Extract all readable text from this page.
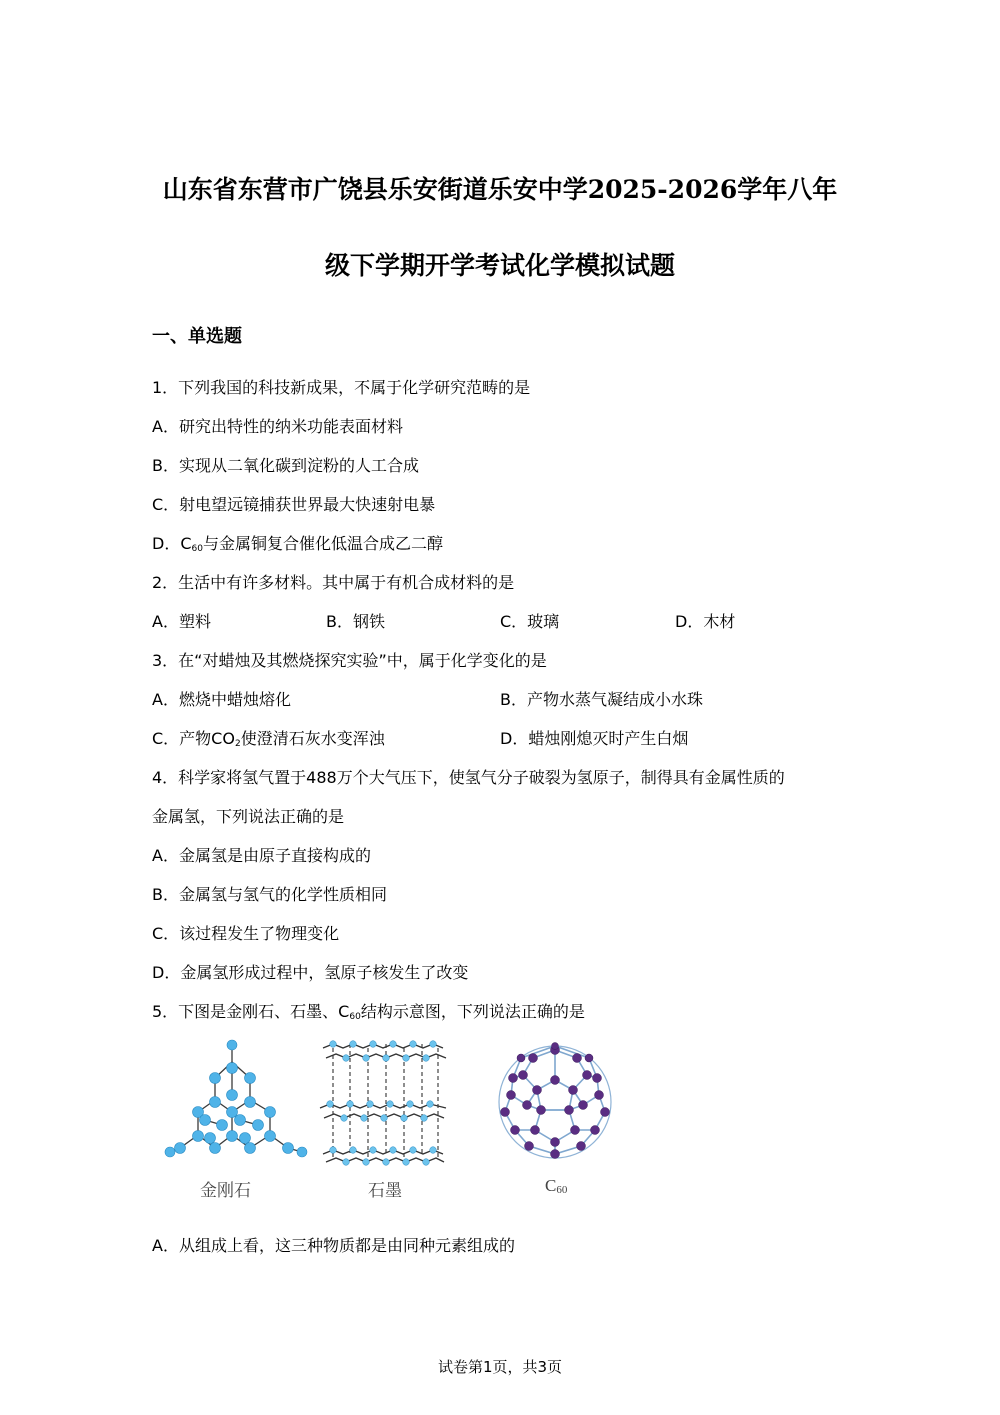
山东省东营市广饶县乐安街道乐安中学2025-2026学年八年
级下学期开学考试化学模拟试题
一、单选题
1．下列我国的科技新成果，不属于化学研究范畴的是
A．研究出特性的纳米功能表面材料
B．实现从二氧化碳到淀粉的人工合成
C．射电望远镜捕获世界最大快速射电暴
D．$C_{60}$与金属铜复合催化低温合成乙二醇
2．生活中有许多材料。其中属于有机合成材料的是
A．塑料	B．钢铁	C．玻璃	D．木材
3．在“对蜡烛及其燃烧探究实验”中，属于化学变化的是
A．燃烧中蜡烛熔化	B．产物水蒸气凝结成小水珠
C．产物$CO_2$使澄清石灰水变浑浊	D．蜡烛刚熄灭时产生白烟
4．科学家将氢气置于488万个大气压下，使氢气分子破裂为氢原子，制得具有金属性质的
金属氢，下列说法正确的是
A．金属氢是由原子直接构成的
B．金属氢与氢气的化学性质相同
C．该过程发生了物理变化
D．金属氢形成过程中，氢原子核发生了改变
5．下图是金刚石、石墨、$C_{60}$结构示意图，下列说法正确的是
金刚石	石墨	$C_{60}$
A．从组成上看，这三种物质都是由同种元素组成的
试卷第1页，共3页
